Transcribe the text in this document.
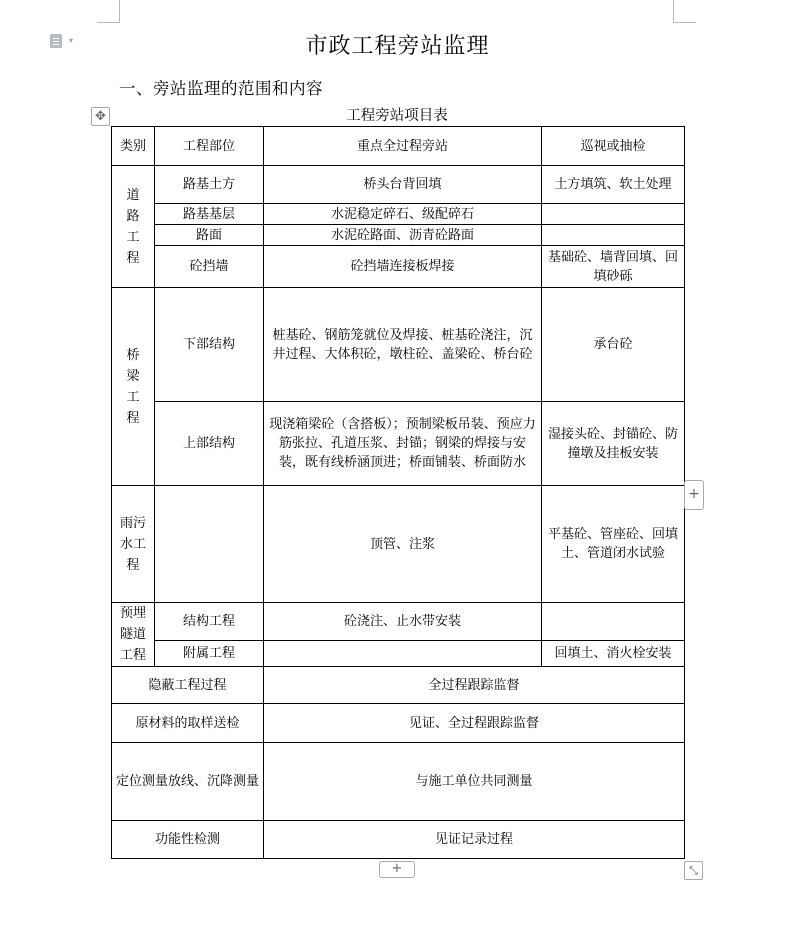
▾	市政工程旁站监理
一、旁站监理的范围和内容
工程旁站项目表
✥
类别	工程部位	重点全过程旁站	巡视或抽检

道路工程	路基土方	桥头台背回填	土方填筑、软土处理
	路基基层	水泥稳定碎石、级配碎石	
	路面	水泥砼路面、沥青砼路面	
	砼挡墙	砼挡墙连接板焊接	基础砼、墙背回填、回填砂砾

桥梁工程	下部结构	桩基砼、钢筋笼就位及焊接、桩基砼浇注，沉井过程、大体积砼，墩柱砼、盖梁砼、桥台砼	承台砼
	上部结构	现浇箱梁砼（含搭板）；预制梁板吊装、预应力筋张拉、孔道压浆、封锚；钢梁的焊接与安装，既有线桥涵顶进；桥面铺装、桥面防水	湿接头砼、封锚砼、防撞墩及挂板安装

雨污水工程		顶管、注浆	平基砼、管座砼、回填土、管道闭水试验

预埋隧道工程	结构工程	砼浇注、止水带安装	
	附属工程		回填土、消火栓安装
隐蔽工程过程		全过程跟踪监督	
原材料的取样送检		见证、全过程跟踪监督	
定位测量放线、沉降测量		与施工单位共同测量	
功能性检测		见证记录过程	
+
+	⤡
